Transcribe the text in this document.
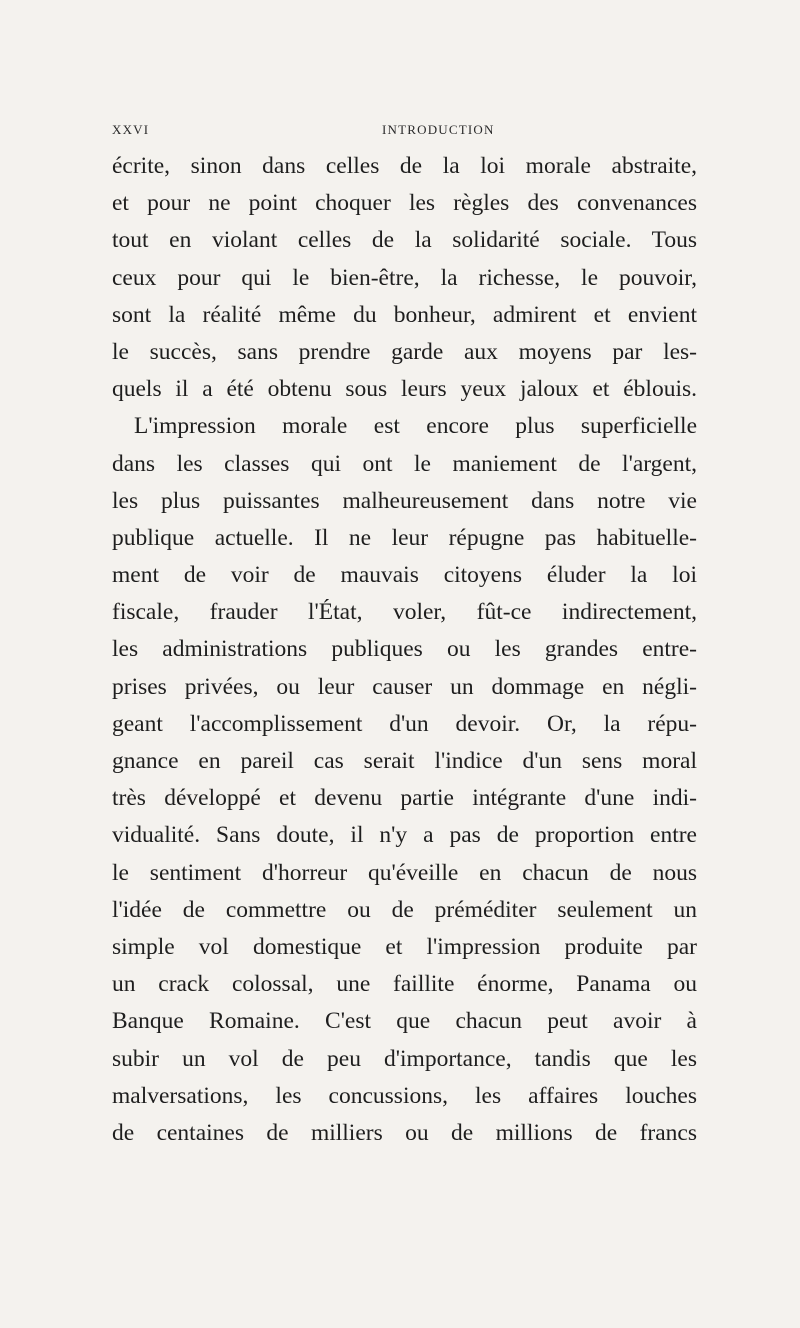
XXVI	INTRODUCTION
écrite, sinon dans celles de la loi morale abstraite,
et pour ne point choquer les règles des convenances
tout en violant celles de la solidarité sociale. Tous
ceux pour qui le bien-être, la richesse, le pouvoir,
sont la réalité même du bonheur, admirent et envient
le succès, sans prendre garde aux moyens par les-
quels il a été obtenu sous leurs yeux jaloux et éblouis.
L'impression morale est encore plus superficielle
dans les classes qui ont le maniement de l'argent,
les plus puissantes malheureusement dans notre vie
publique actuelle. Il ne leur répugne pas habituelle-
ment de voir de mauvais citoyens éluder la loi
fiscale, frauder l'État, voler, fût-ce indirectement,
les administrations publiques ou les grandes entre-
prises privées, ou leur causer un dommage en négli-
geant l'accomplissement d'un devoir. Or, la répu-
gnance en pareil cas serait l'indice d'un sens moral
très développé et devenu partie intégrante d'une indi-
vidualité. Sans doute, il n'y a pas de proportion entre
le sentiment d'horreur qu'éveille en chacun de nous
l'idée de commettre ou de préméditer seulement un
simple vol domestique et l'impression produite par
un crack colossal, une faillite énorme, Panama ou
Banque Romaine. C'est que chacun peut avoir à
subir un vol de peu d'importance, tandis que les
malversations, les concussions, les affaires louches
de centaines de milliers ou de millions de francs
